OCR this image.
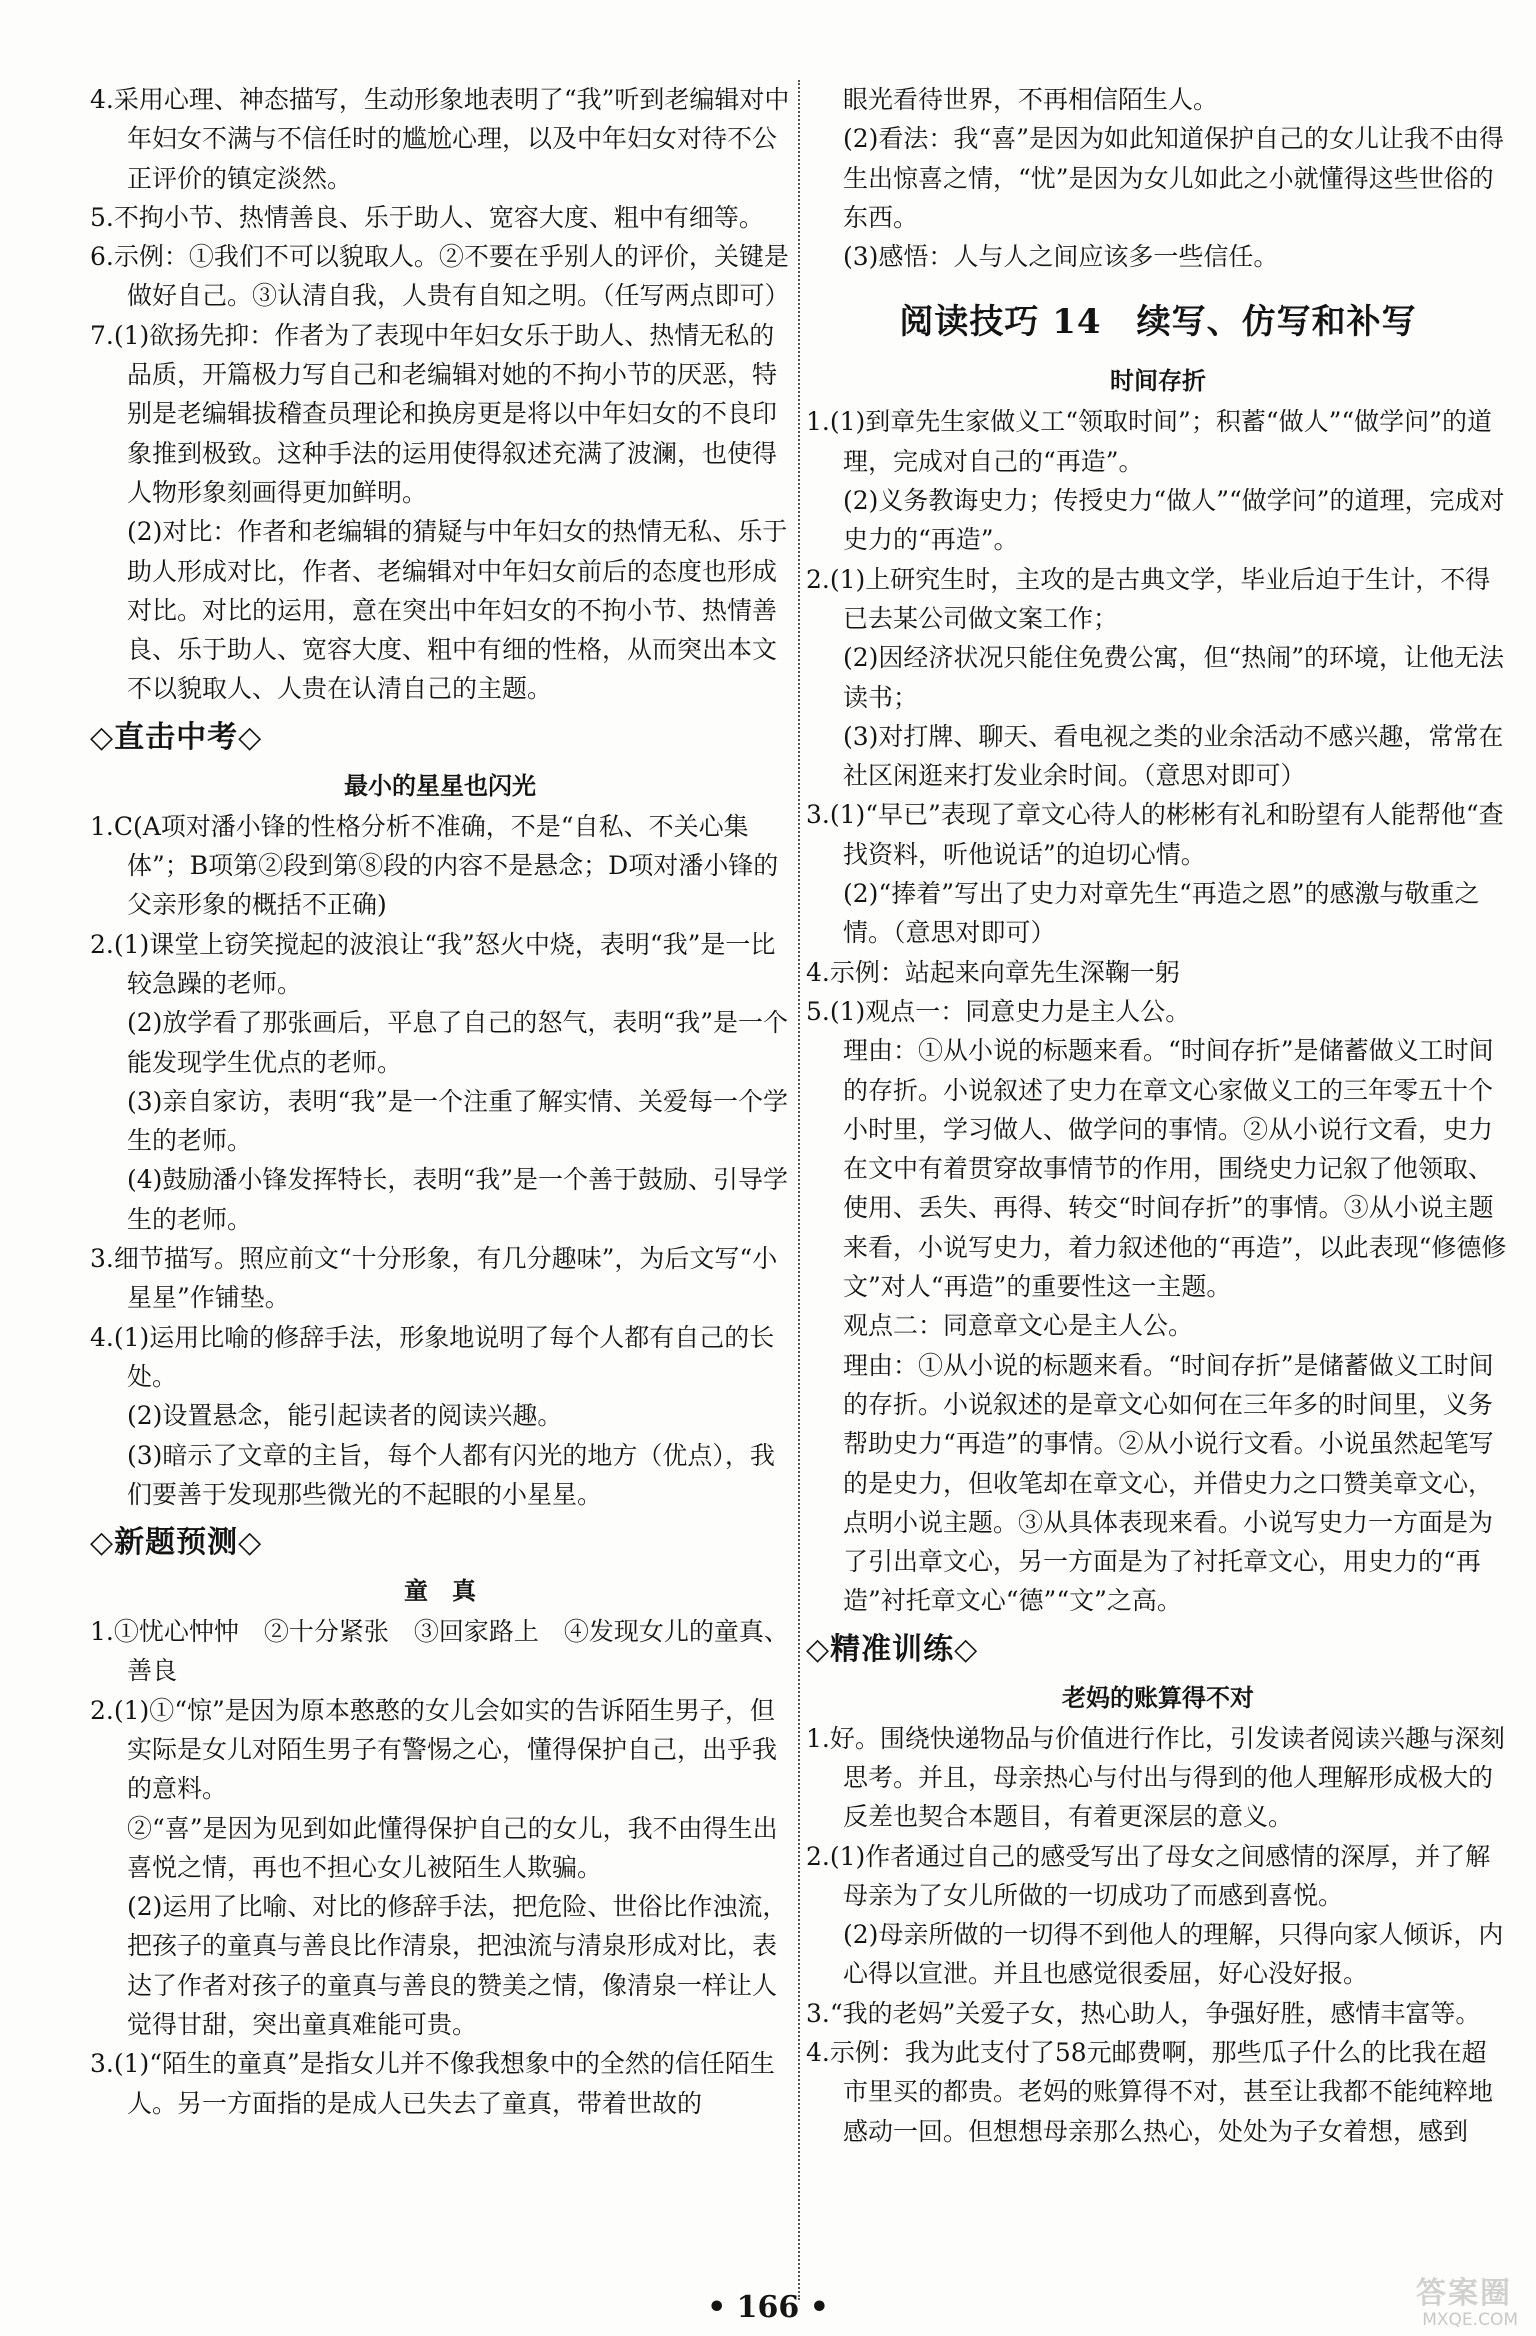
4.采用心理、神态描写，生动形象地表明了“我”听到老编辑对中年妇女不满与不信任时的尴尬心理，以及中年妇女对待不公正评价的镇定淡然。
5.不拘小节、热情善良、乐于助人、宽容大度、粗中有细等。
6.示例：①我们不可以貌取人。②不要在乎别人的评价，关键是做好自己。③认清自我，人贵有自知之明。（任写两点即可）
7.(1)欲扬先抑：作者为了表现中年妇女乐于助人、热情无私的品质，开篇极力写自己和老编辑对她的不拘小节的厌恶，特别是老编辑拔稽查员理论和换房更是将以中年妇女的不良印象推到极致。这种手法的运用使得叙述充满了波澜，也使得人物形象刻画得更加鲜明。
(2)对比：作者和老编辑的猜疑与中年妇女的热情无私、乐于助人形成对比，作者、老编辑对中年妇女前后的态度也形成对比。对比的运用，意在突出中年妇女的不拘小节、热情善良、乐于助人、宽容大度、粗中有细的性格，从而突出本文不以貌取人、人贵在认清自己的主题。
◇直击中考◇
最小的星星也闪光
1.C(A项对潘小锋的性格分析不准确，不是“自私、不关心集体”；B项第②段到第⑧段的内容不是悬念；D项对潘小锋的父亲形象的概括不正确)
2.(1)课堂上窃笑搅起的波浪让“我”怒火中烧，表明“我”是一比较急躁的老师。
(2)放学看了那张画后，平息了自己的怒气，表明“我”是一个能发现学生优点的老师。
(3)亲自家访，表明“我”是一个注重了解实情、关爱每一个学生的老师。
(4)鼓励潘小锋发挥特长，表明“我”是一个善于鼓励、引导学生的老师。
3.细节描写。照应前文“十分形象，有几分趣味”，为后文写“小星星”作铺垫。
4.(1)运用比喻的修辞手法，形象地说明了每个人都有自己的长处。
(2)设置悬念，能引起读者的阅读兴趣。
(3)暗示了文章的主旨，每个人都有闪光的地方（优点），我们要善于发现那些微光的不起眼的小星星。
◇新题预测◇
童　真
1.①忧心忡忡　②十分紧张　③回家路上　④发现女儿的童真、善良
2.(1)①“惊”是因为原本憨憨的女儿会如实的告诉陌生男子，但实际是女儿对陌生男子有警惕之心，懂得保护自己，出乎我的意料。
②“喜”是因为见到如此懂得保护自己的女儿，我不由得生出喜悦之情，再也不担心女儿被陌生人欺骗。
(2)运用了比喻、对比的修辞手法，把危险、世俗比作浊流，把孩子的童真与善良比作清泉，把浊流与清泉形成对比，表达了作者对孩子的童真与善良的赞美之情，像清泉一样让人觉得甘甜，突出童真难能可贵。
3.(1)“陌生的童真”是指女儿并不像我想象中的全然的信任陌生人。另一方面指的是成人已失去了童真，带着世故的
眼光看待世界，不再相信陌生人。
(2)看法：我“喜”是因为如此知道保护自己的女儿让我不由得生出惊喜之情，“忧”是因为女儿如此之小就懂得这些世俗的东西。
(3)感悟：人与人之间应该多一些信任。
阅读技巧 14　续写、仿写和补写
时间存折
1.(1)到章先生家做义工“领取时间”；积蓄“做人”“做学问”的道理，完成对自己的“再造”。
(2)义务教诲史力；传授史力“做人”“做学问”的道理，完成对史力的“再造”。
2.(1)上研究生时，主攻的是古典文学，毕业后迫于生计，不得已去某公司做文案工作；
(2)因经济状况只能住免费公寓，但“热闹”的环境，让他无法读书；
(3)对打牌、聊天、看电视之类的业余活动不感兴趣，常常在社区闲逛来打发业余时间。（意思对即可）
3.(1)“早已”表现了章文心待人的彬彬有礼和盼望有人能帮他“查找资料，听他说话”的迫切心情。
(2)“捧着”写出了史力对章先生“再造之恩”的感激与敬重之情。（意思对即可）
4.示例：站起来向章先生深鞠一躬
5.(1)观点一：同意史力是主人公。
理由：①从小说的标题来看。“时间存折”是储蓄做义工时间的存折。小说叙述了史力在章文心家做义工的三年零五十个小时里，学习做人、做学问的事情。②从小说行文看，史力在文中有着贯穿故事情节的作用，围绕史力记叙了他领取、使用、丢失、再得、转交“时间存折”的事情。③从小说主题来看，小说写史力，着力叙述他的“再造”，以此表现“修德修文”对人“再造”的重要性这一主题。
观点二：同意章文心是主人公。
理由：①从小说的标题来看。“时间存折”是储蓄做义工时间的存折。小说叙述的是章文心如何在三年多的时间里，义务帮助史力“再造”的事情。②从小说行文看。小说虽然起笔写的是史力，但收笔却在章文心，并借史力之口赞美章文心，点明小说主题。③从具体表现来看。小说写史力一方面是为了引出章文心，另一方面是为了衬托章文心，用史力的“再造”衬托章文心“德”“文”之高。
◇精准训练◇
老妈的账算得不对
1.好。围绕快递物品与价值进行作比，引发读者阅读兴趣与深刻思考。并且，母亲热心与付出与得到的他人理解形成极大的反差也契合本题目，有着更深层的意义。
2.(1)作者通过自己的感受写出了母女之间感情的深厚，并了解母亲为了女儿所做的一切成功了而感到喜悦。
(2)母亲所做的一切得不到他人的理解，只得向家人倾诉，内心得以宣泄。并且也感觉很委屈，好心没好报。
3.“我的老妈”关爱子女，热心助人，争强好胜，感情丰富等。
4.示例：我为此支付了58元邮费啊，那些瓜子什么的比我在超市里买的都贵。老妈的账算得不对，甚至让我都不能纯粹地感动一回。但想想母亲那么热心，处处为子女着想，感到
• 166 •	答案圈
MXQE.COM
